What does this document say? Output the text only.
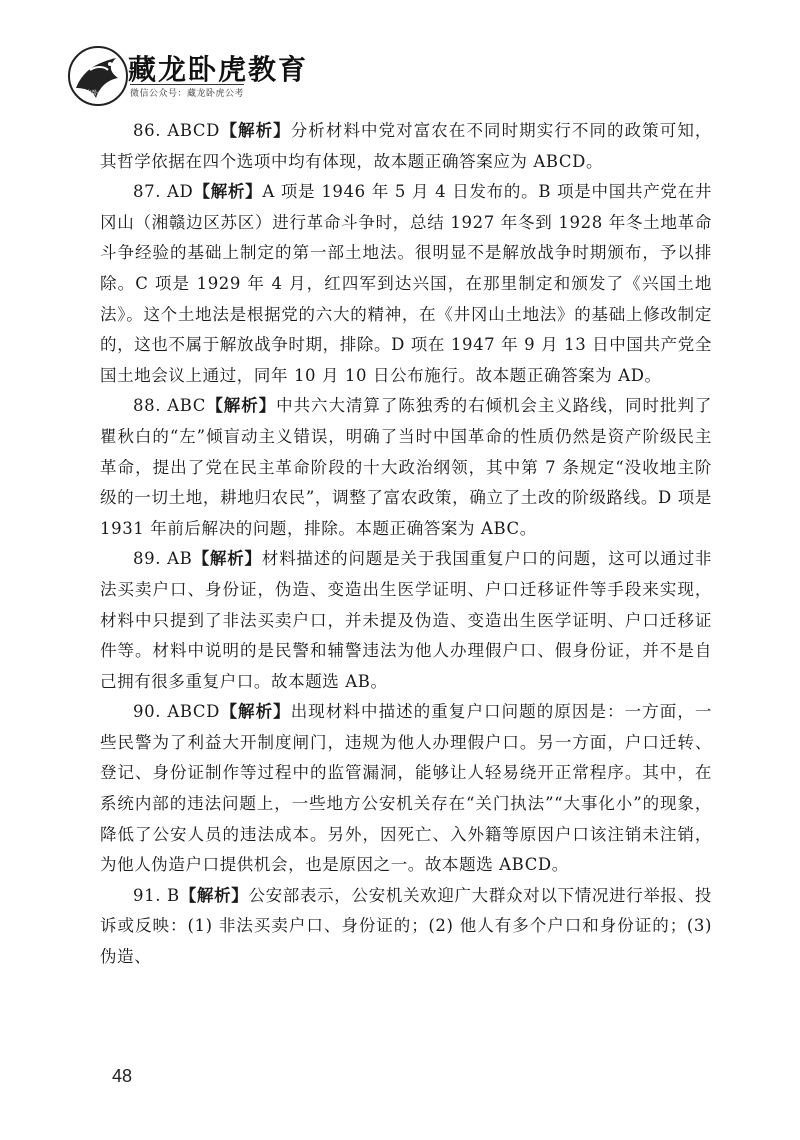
藏龙卧虎
藏龙卧虎教育
微信公众号：藏龙卧虎公考

86. ABCD【解析】分析材料中党对富农在不同时期实行不同的政策可知，其哲学依据在四个选项中均有体现，故本题正确答案应为 ABCD。

87. AD【解析】A 项是 1946 年 5 月 4 日发布的。B 项是中国共产党在井冈山（湘赣边区苏区）进行革命斗争时，总结 1927 年冬到 1928 年冬土地革命斗争经验的基础上制定的第一部土地法。很明显不是解放战争时期颁布，予以排除。C 项是 1929 年 4 月，红四军到达兴国，在那里制定和颁发了《兴国土地法》。这个土地法是根据党的六大的精神，在《井冈山土地法》的基础上修改制定的，这也不属于解放战争时期，排除。D 项在 1947 年 9 月 13 日中国共产党全国土地会议上通过，同年 10 月 10 日公布施行。故本题正确答案为 AD。

88. ABC【解析】中共六大清算了陈独秀的右倾机会主义路线，同时批判了瞿秋白的“左”倾盲动主义错误，明确了当时中国革命的性质仍然是资产阶级民主革命，提出了党在民主革命阶段的十大政治纲领，其中第 7 条规定“没收地主阶级的一切土地，耕地归农民”，调整了富农政策，确立了土改的阶级路线。D 项是 1931 年前后解决的问题，排除。本题正确答案为 ABC。

89. AB【解析】材料描述的问题是关于我国重复户口的问题，这可以通过非法买卖户口、身份证，伪造、变造出生医学证明、户口迁移证件等手段来实现，材料中只提到了非法买卖户口，并未提及伪造、变造出生医学证明、户口迁移证件等。材料中说明的是民警和辅警违法为他人办理假户口、假身份证，并不是自己拥有很多重复户口。故本题选 AB。

90. ABCD【解析】出现材料中描述的重复户口问题的原因是：一方面，一些民警为了利益大开制度闸门，违规为他人办理假户口。另一方面，户口迁转、登记、身份证制作等过程中的监管漏洞，能够让人轻易绕开正常程序。其中，在系统内部的违法问题上，一些地方公安机关存在“关门执法”“大事化小”的现象，降低了公安人员的违法成本。另外，因死亡、入外籍等原因户口该注销未注销，为他人伪造户口提供机会，也是原因之一。故本题选 ABCD。

91. B【解析】公安部表示，公安机关欢迎广大群众对以下情况进行举报、投诉或反映：(1) 非法买卖户口、身份证的；(2) 他人有多个户口和身份证的；(3) 伪造、

48
